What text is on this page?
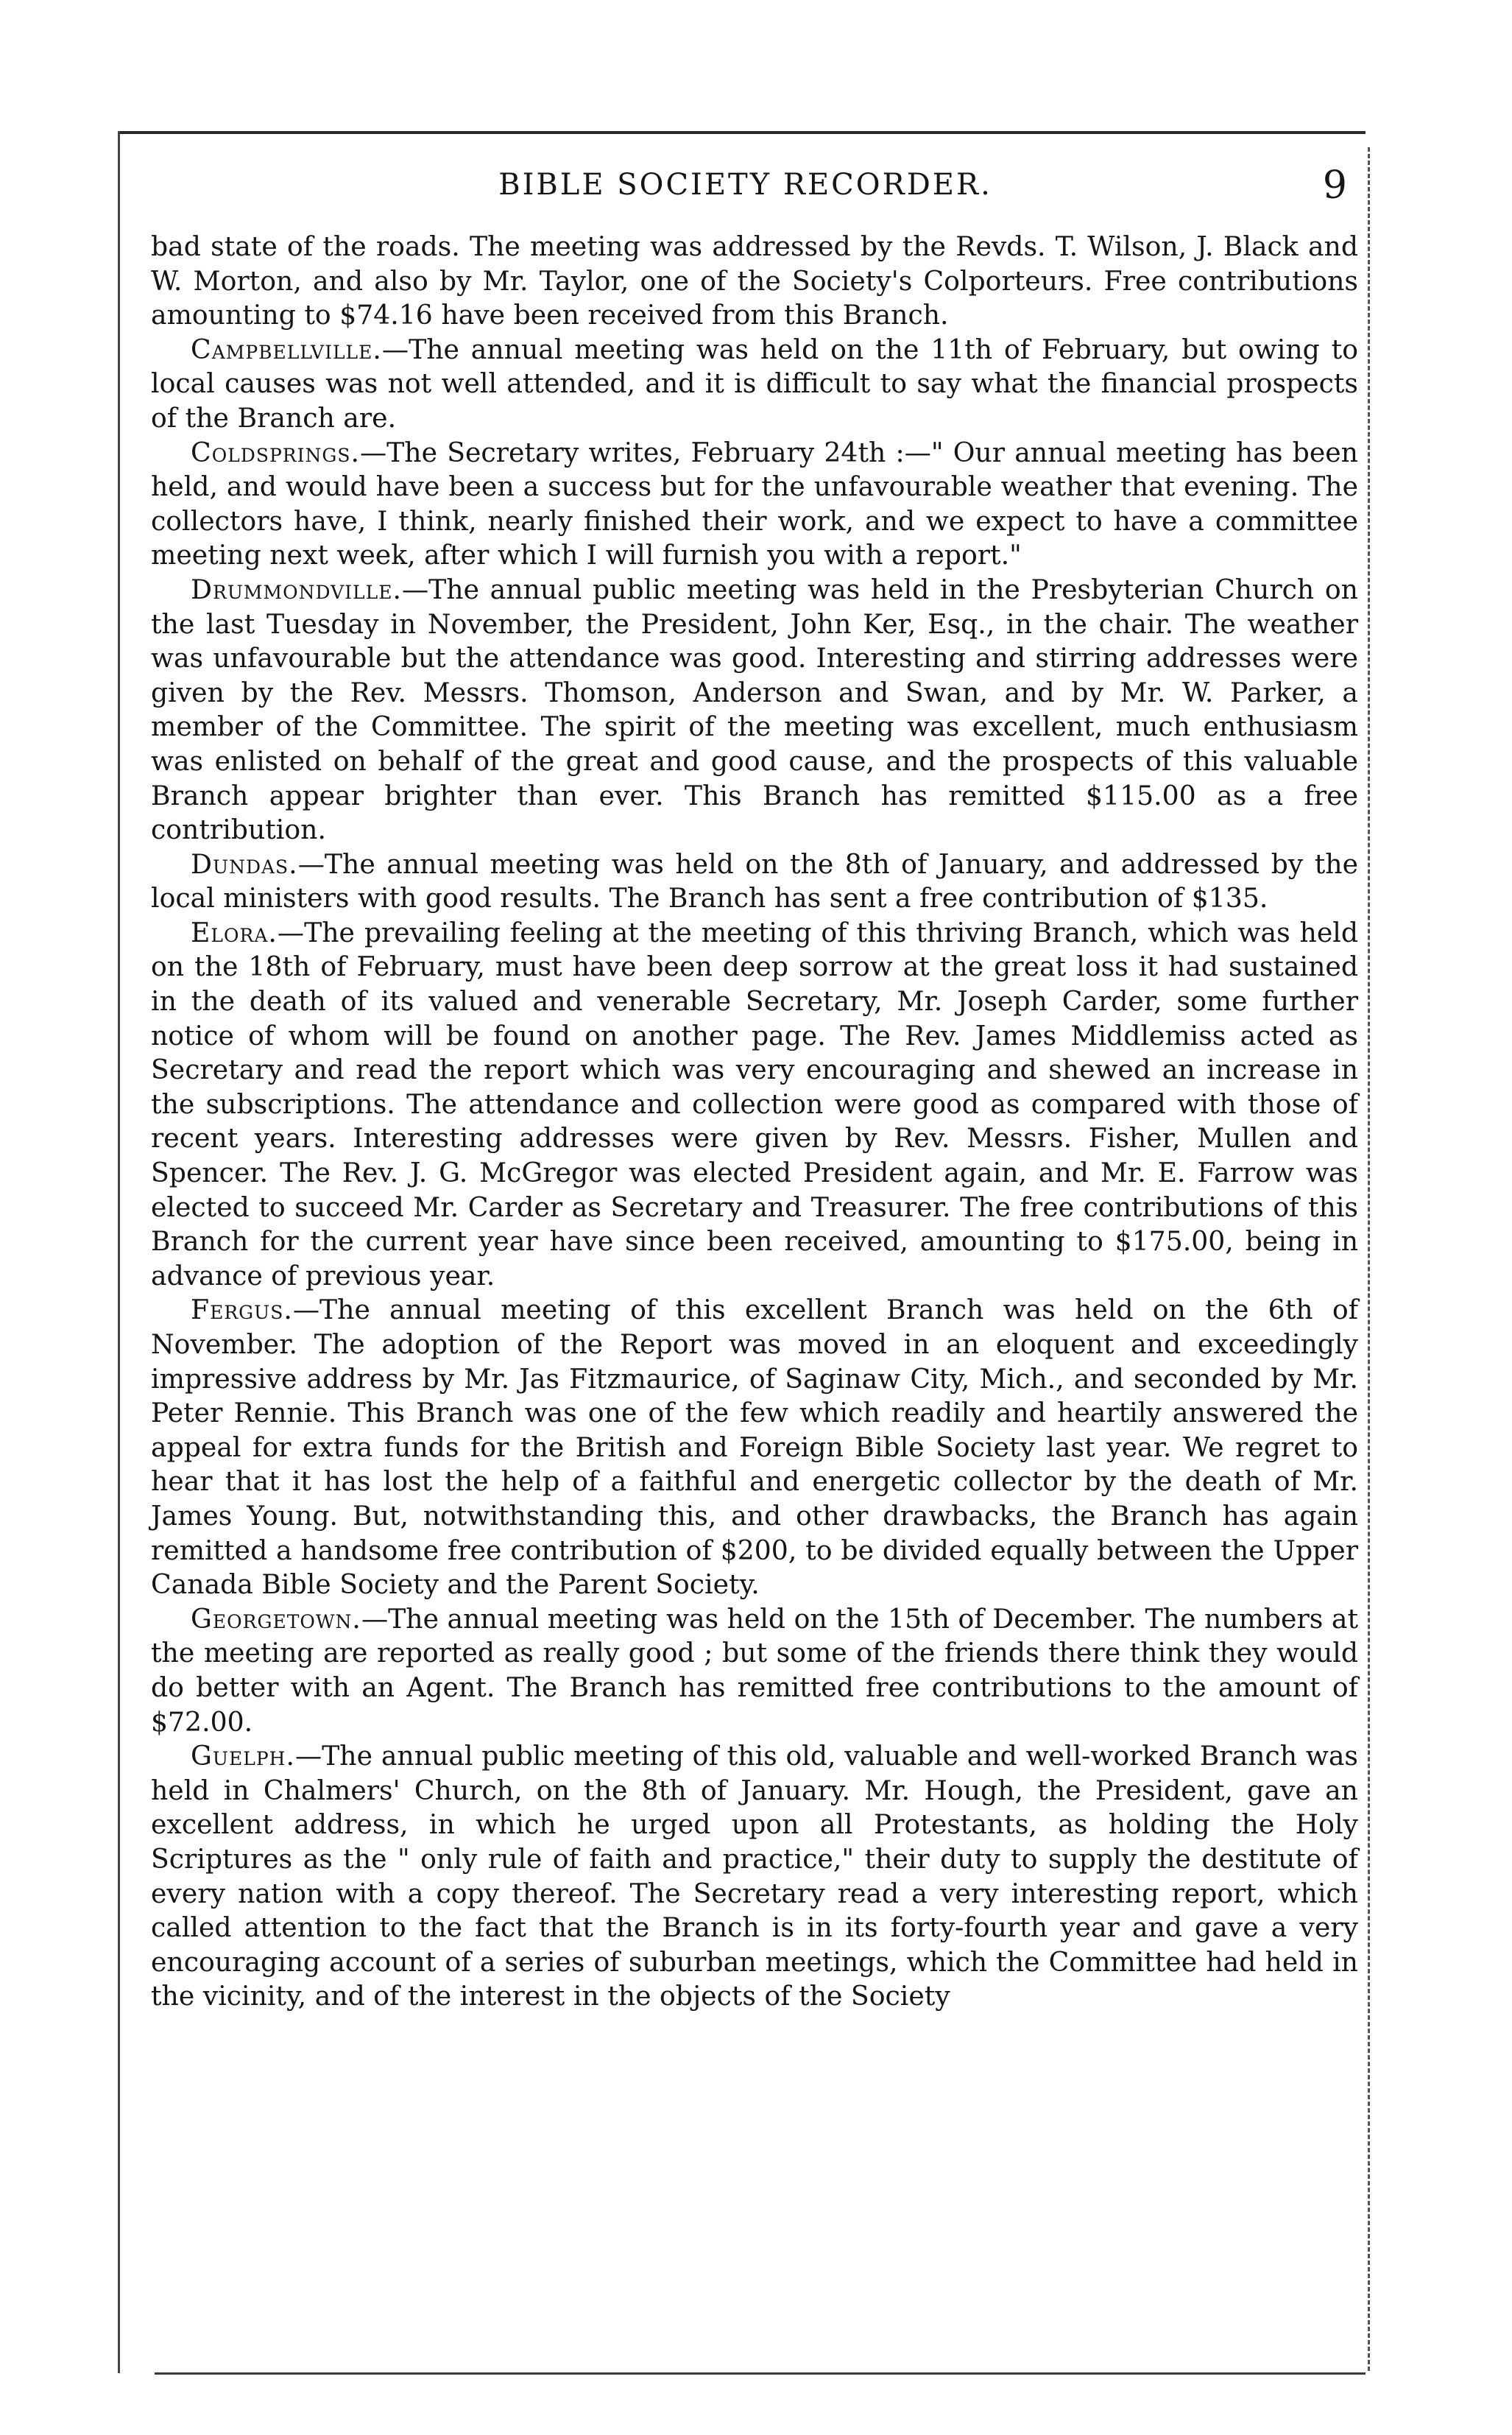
BIBLE SOCIETY RECORDER.	9

bad state of the roads. The meeting was addressed by the Revds. T. Wilson, J. Black and W. Morton, and also by Mr. Taylor, one of the Society's Colporteurs. Free contributions amounting to $74.16 have been received from this Branch.

Campbellville.—The annual meeting was held on the 11th of February, but owing to local causes was not well attended, and it is difficult to say what the financial prospects of the Branch are.

Coldsprings.—The Secretary writes, February 24th :—" Our annual meeting has been held, and would have been a success but for the unfavourable weather that evening. The collectors have, I think, nearly finished their work, and we expect to have a committee meeting next week, after which I will furnish you with a report."

Drummondville.—The annual public meeting was held in the Presbyterian Church on the last Tuesday in November, the President, John Ker, Esq., in the chair. The weather was unfavourable but the attendance was good. Interesting and stirring addresses were given by the Rev. Messrs. Thomson, Anderson and Swan, and by Mr. W. Parker, a member of the Committee. The spirit of the meeting was excellent, much enthusiasm was enlisted on behalf of the great and good cause, and the prospects of this valuable Branch appear brighter than ever. This Branch has remitted $115.00 as a free contribution.

Dundas.—The annual meeting was held on the 8th of January, and addressed by the local ministers with good results. The Branch has sent a free contribution of $135.

Elora.—The prevailing feeling at the meeting of this thriving Branch, which was held on the 18th of February, must have been deep sorrow at the great loss it had sustained in the death of its valued and venerable Secretary, Mr. Joseph Carder, some further notice of whom will be found on another page. The Rev. James Middlemiss acted as Secretary and read the report which was very encouraging and shewed an increase in the subscriptions. The attendance and collection were good as compared with those of recent years. Interesting addresses were given by Rev. Messrs. Fisher, Mullen and Spencer. The Rev. J. G. McGregor was elected President again, and Mr. E. Farrow was elected to succeed Mr. Carder as Secretary and Treasurer. The free contributions of this Branch for the current year have since been received, amounting to $175.00, being in advance of previous year.

Fergus.—The annual meeting of this excellent Branch was held on the 6th of November. The adoption of the Report was moved in an eloquent and exceedingly impressive address by Mr. Jas Fitzmaurice, of Saginaw City, Mich., and seconded by Mr. Peter Rennie. This Branch was one of the few which readily and heartily answered the appeal for extra funds for the British and Foreign Bible Society last year. We regret to hear that it has lost the help of a faithful and energetic collector by the death of Mr. James Young. But, notwithstanding this, and other drawbacks, the Branch has again remitted a handsome free contribution of $200, to be divided equally between the Upper Canada Bible Society and the Parent Society.

Georgetown.—The annual meeting was held on the 15th of December. The numbers at the meeting are reported as really good ; but some of the friends there think they would do better with an Agent. The Branch has remitted free contributions to the amount of $72.00.

Guelph.—The annual public meeting of this old, valuable and well-worked Branch was held in Chalmers' Church, on the 8th of January. Mr. Hough, the President, gave an excellent address, in which he urged upon all Protestants, as holding the Holy Scriptures as the " only rule of faith and practice," their duty to supply the destitute of every nation with a copy thereof. The Secretary read a very interesting report, which called attention to the fact that the Branch is in its forty-fourth year and gave a very encouraging account of a series of suburban meetings, which the Committee had held in the vicinity, and of the interest in the objects of the Society
